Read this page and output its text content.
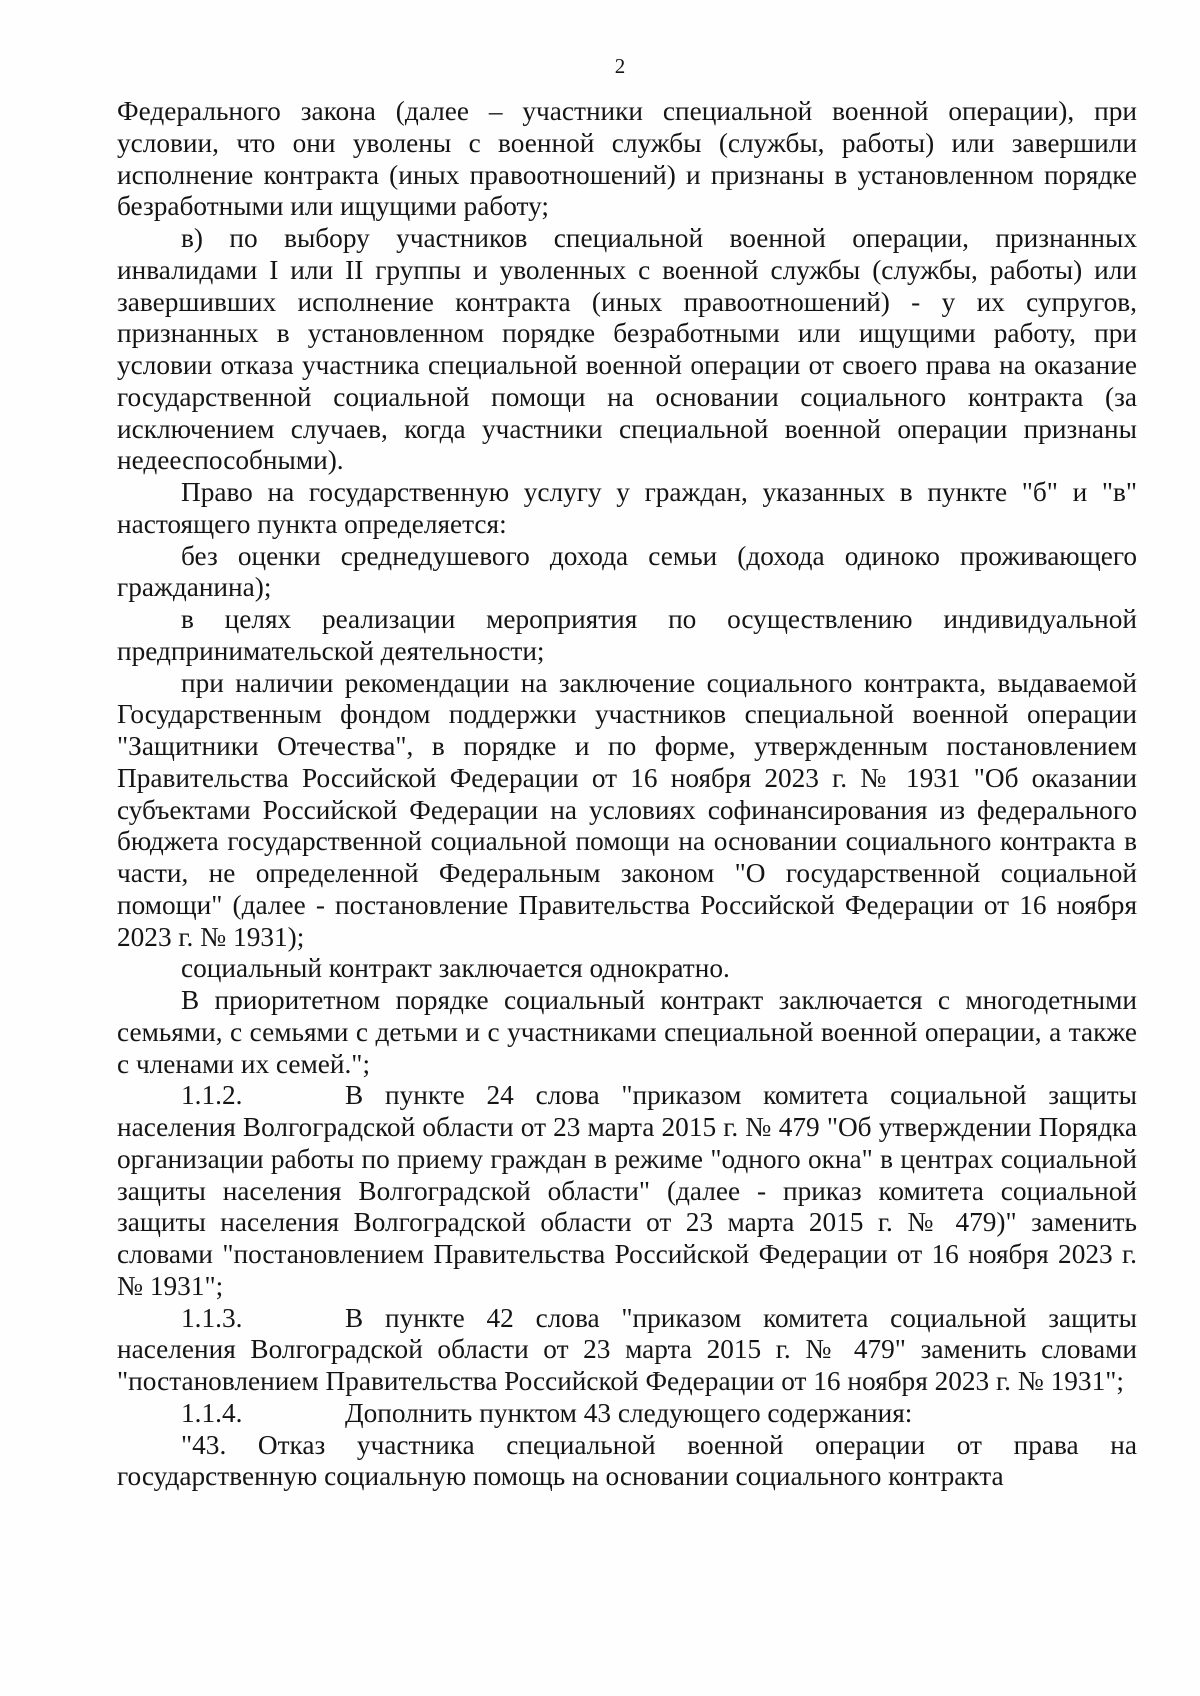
2

Федерального закона (далее – участники специальной военной операции), при условии, что они уволены с военной службы (службы, работы) или завершили исполнение контракта (иных правоотношений) и признаны в установленном порядке безработными или ищущими работу;

в) по выбору участников специальной военной операции, признанных инвалидами I или II группы и уволенных с военной службы (службы, работы) или завершивших исполнение контракта (иных правоотношений) - у их супругов, признанных в установленном порядке безработными или ищущими работу, при условии отказа участника специальной военной операции от своего права на оказание государственной социальной помощи на основании социального контракта (за исключением случаев, когда участники специальной военной операции признаны недееспособными).

Право на государственную услугу у граждан, указанных в пункте "б" и "в" настоящего пункта определяется:

без оценки среднедушевого дохода семьи (дохода одиноко проживающего гражданина);

в целях реализации мероприятия по осуществлению индивидуальной предпринимательской деятельности;

при наличии рекомендации на заключение социального контракта, выдаваемой Государственным фондом поддержки участников специальной военной операции "Защитники Отечества", в порядке и по форме, утвержденным постановлением Правительства Российской Федерации от 16 ноября 2023 г. № 1931 "Об оказании субъектами Российской Федерации на условиях софинансирования из федерального бюджета государственной социальной помощи на основании социального контракта в части, не определенной Федеральным законом "О государственной социальной помощи" (далее - постановление Правительства Российской Федерации от 16 ноября 2023 г. № 1931);

социальный контракт заключается однократно.

В приоритетном порядке социальный контракт заключается с многодетными семьями, с семьями с детьми и с участниками специальной военной операции, а также с членами их семей.";

1.1.2.	В пункте 24 слова "приказом комитета социальной защиты населения Волгоградской области от 23 марта 2015 г. № 479 "Об утверждении Порядка организации работы по приему граждан в режиме "одного окна" в центрах социальной защиты населения Волгоградской области" (далее - приказ комитета социальной защиты населения Волгоградской области от 23 марта 2015 г. № 479)" заменить словами "постановлением Правительства Российской Федерации от 16 ноября 2023 г. № 1931";

1.1.3.	В пункте 42 слова "приказом комитета социальной защиты населения Волгоградской области от 23 марта 2015 г. № 479" заменить словами "постановлением Правительства Российской Федерации от 16 ноября 2023 г. № 1931";

1.1.4.	Дополнить пунктом 43 следующего содержания:

"43. Отказ участника специальной военной операции от права на государственную социальную помощь на основании социального контракта
